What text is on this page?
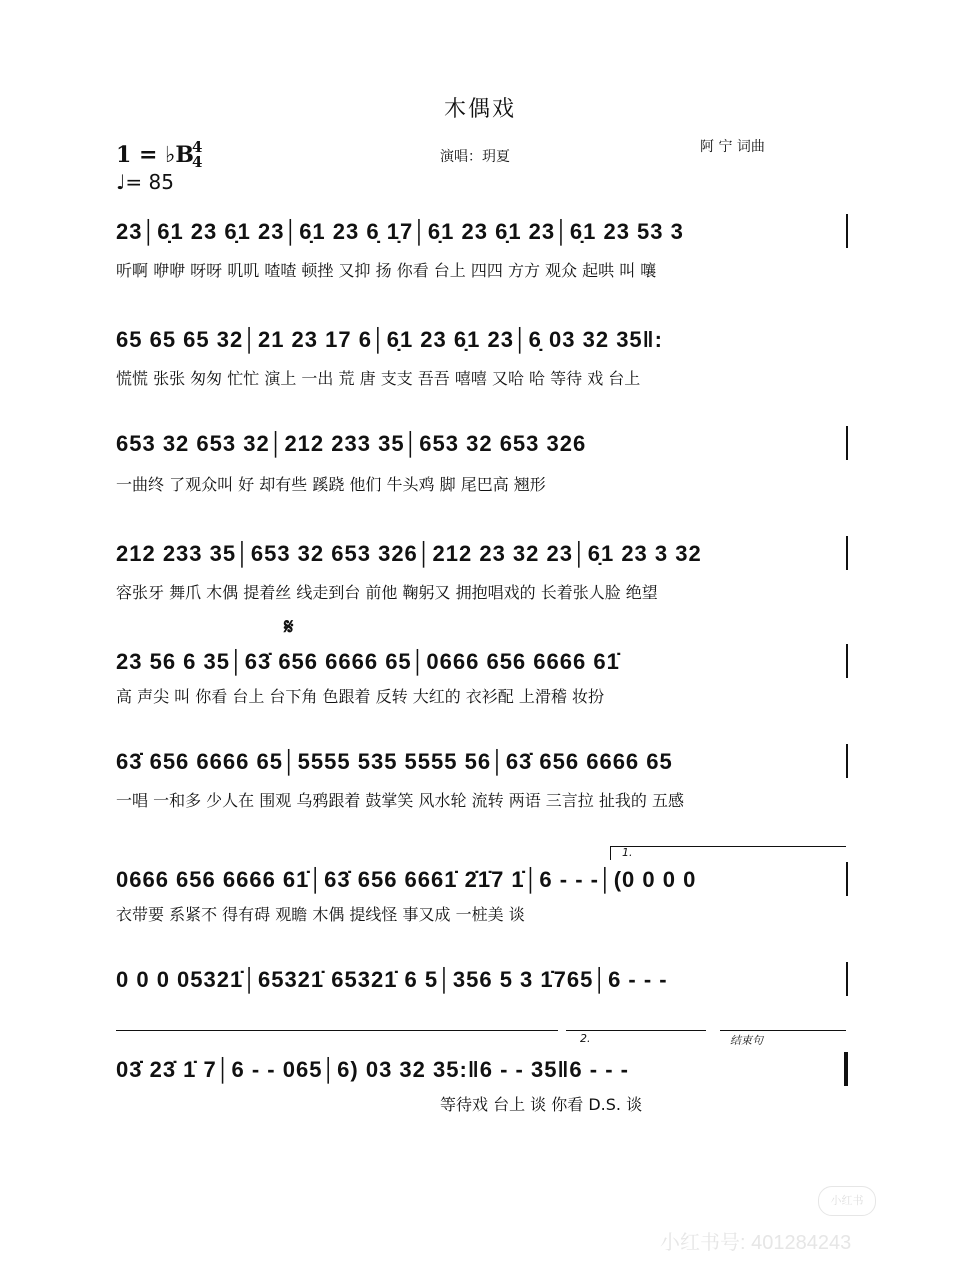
木偶戏
1 = ♭B
4
4
♩= 85
演唱：玥夏
阿 宁 词曲
23│6̣1 23 6̣1 23│6̣1 23 6̣ 1̣7│6̣1 23 6̣1 23│6̣1 23 53 3
听啊 咿咿 呀呀 叽叽 喳喳 顿挫 又抑 扬 你看 台上 四四 方方 观众 起哄 叫 嚷
65 65 65 32│21 23 17 6│6̣1 23 6̣1 23│6̣ 03 32 35‖:
慌慌 张张 匆匆 忙忙 演上 一出 荒 唐 支支 吾吾 嘻嘻 又哈 哈 等待 戏 台上
653 32 653 32│212 233 35│653 32 653 326
一曲终 了观众叫 好 却有些 蹊跷 他们 牛头鸡 脚 尾巴高 翘形
212 233 35│653 32 653 326│212 23 32 23│6̣1 23 3 32
容张牙 舞爪 木偶 提着丝 线走到台 前他 鞠躬又 拥抱唱戏的 长着张人脸 绝望
𝄋
23 56 6 35│63̇ 656 6666 65│0666 656 6666 61̇
高 声尖 叫 你看 台上 台下角 色跟着 反转 大红的 衣衫配 上滑稽 妆扮
63̇ 656 6666 65│5555 535 5555 56│63̇ 656 6666 65
一唱 一和多 少人在 围观 乌鸦跟着 鼓掌笑 风水轮 流转 两语 三言拉 扯我的 五感
1.
0666 656 6666 61̇│63̇ 656 6661̇ 2̇1̇7 1̇│6 - - -│(0 0 0 0
衣带要 系紧不 得有碍 观瞻 木偶 提线怪 事又成 一桩美 谈
0 0 0 05321̇│65321̇ 65321̇ 6 5│356 5 3 1̇765│6 - - -
2.	结束句
03̇ 23̇ 1̇ 7│6 - - 065│6) 03 32 35:‖6 - - 35‖6 - - -
等待戏 台上 谈 你看 D.S. 谈
小红书
小红书号: 401284243
